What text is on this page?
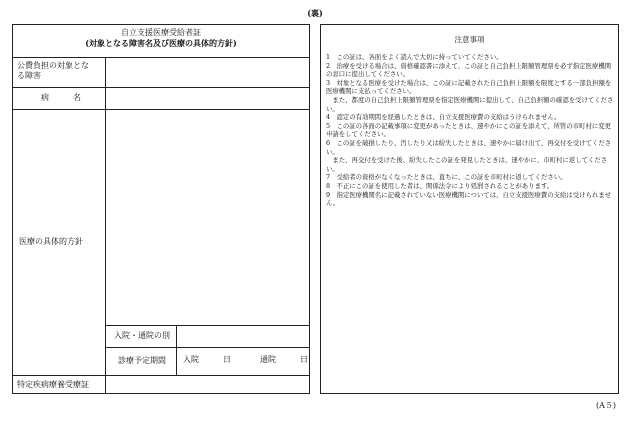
(裏)
自立支援医療受給者証
(対象となる障害名及び医療の具体的方針)
公費負担の対象とな
る障害
病　　　名
医療の具体的方針
入院・通院の別
診療予定期間	入院　　　日	通院　　　日
特定疾病療養受療証
注意事項
1　この証は、各面をよく読んで大切に持っていてください。
2　治療を受ける場合は、資格確認書に添えて、この証と自己負担上限額管理票を必ず指定医療機関の窓口に提出してください。
3　対象となる医療を受けた場合は、この証に記載された自己負担上限額を限度とする一部負担額を医療機関に支払ってください。
　また、都度の自己負担上限額管理票を指定医療機関に提出して、自己負担額の確認を受けてください。
4　認定の有効期間を経過したときは、自立支援医療費の支給はうけられません。
5　この証の各面の記載事項に変更があったときは、速やかにこの証を添えて、所管の市町村に変更申請をしてください。
6　この証を破損したり、汚したり又は紛失したときは、速やかに届け出て、再交付を受けてください。
　また、再交付を受けた後、紛失したこの証を発見したときは、速やかに、市町村に返してください。
7　受給者の資格がなくなったときは、直ちに、この証を市町村に返してください。
8　不正にこの証を使用した者は、関係法令により処罰されることがあります。
9　指定医療機関名に記載されていない医療機関については、自立支援医療費の支給は受けられません。
(A５)
